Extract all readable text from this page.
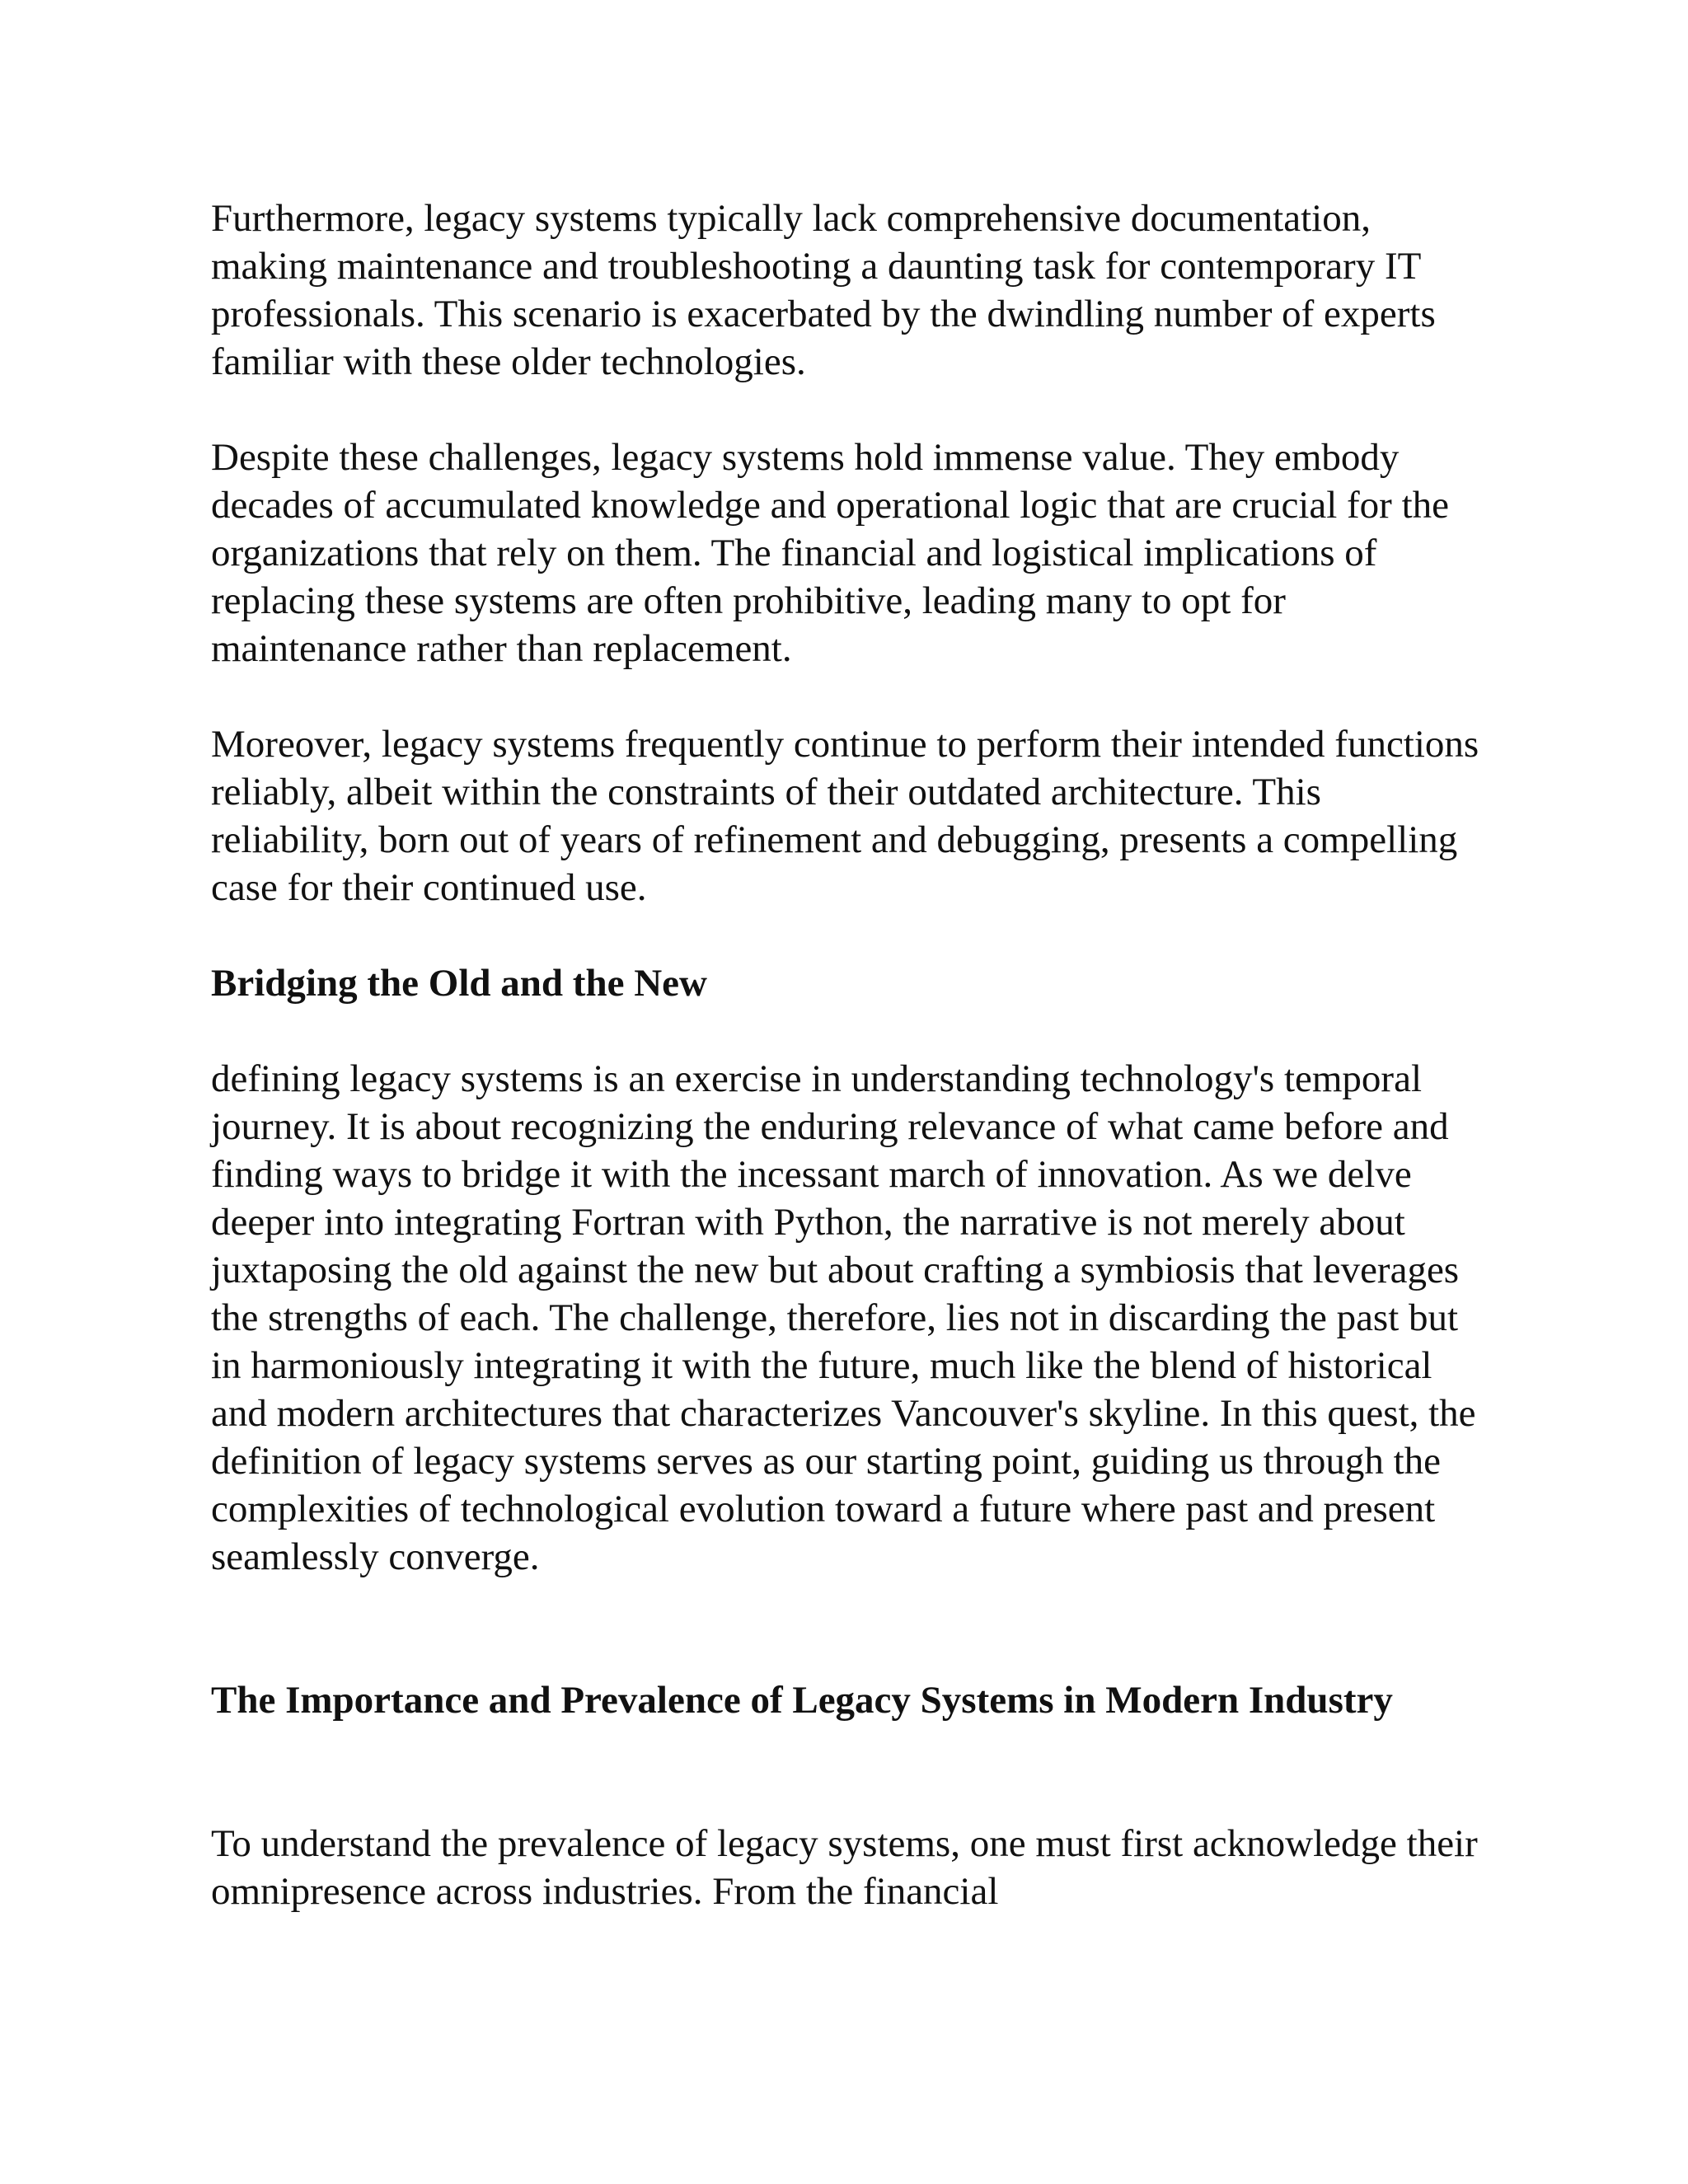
Furthermore, legacy systems typically lack comprehensive documentation, making maintenance and troubleshooting a daunting task for contemporary IT professionals. This scenario is exacerbated by the dwindling number of experts familiar with these older technologies.

Despite these challenges, legacy systems hold immense value. They embody decades of accumulated knowledge and operational logic that are crucial for the organizations that rely on them. The financial and logistical implications of replacing these systems are often prohibitive, leading many to opt for maintenance rather than replacement.

Moreover, legacy systems frequently continue to perform their intended functions reliably, albeit within the constraints of their outdated architecture. This reliability, born out of years of refinement and debugging, presents a compelling case for their continued use.

Bridging the Old and the New

defining legacy systems is an exercise in understanding technology's temporal journey. It is about recognizing the enduring relevance of what came before and finding ways to bridge it with the incessant march of innovation. As we delve deeper into integrating Fortran with Python, the narrative is not merely about juxtaposing the old against the new but about crafting a symbiosis that leverages the strengths of each. The challenge, therefore, lies not in discarding the past but in harmoniously integrating it with the future, much like the blend of historical and modern architectures that characterizes Vancouver's skyline. In this quest, the definition of legacy systems serves as our starting point, guiding us through the complexities of technological evolution toward a future where past and present seamlessly converge.

The Importance and Prevalence of Legacy Systems in Modern Industry

To understand the prevalence of legacy systems, one must first acknowledge their omnipresence across industries. From the financial
